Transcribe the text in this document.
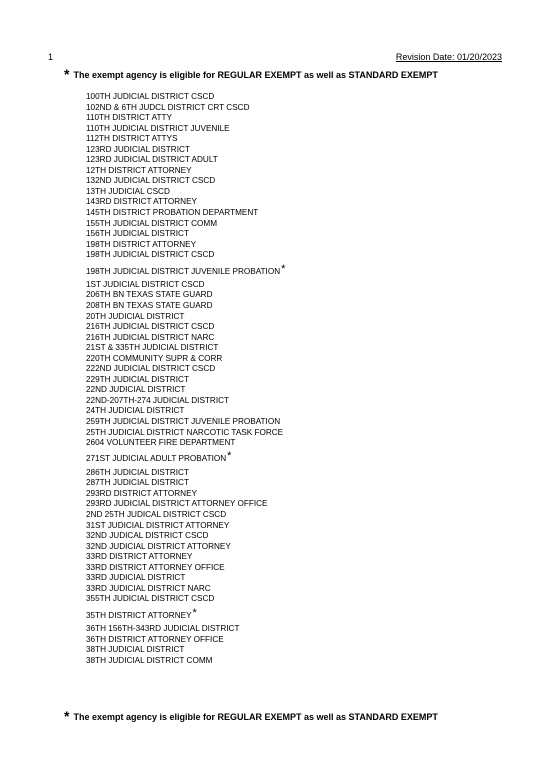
1	Revision Date: 01/20/2023
* The exempt agency is eligible for REGULAR EXEMPT as well as STANDARD EXEMPT
100TH JUDICIAL DISTRICT CSCD
102ND & 6TH JUDCL DISTRICT CRT CSCD
110TH DISTRICT ATTY
110TH JUDICIAL DISTRICT JUVENILE
112TH DISTRICT ATTYS
123RD JUDICIAL DISTRICT
123RD JUDICIAL DISTRICT ADULT
12TH DISTRICT ATTORNEY
132ND JUDICIAL DISTRICT CSCD
13TH JUDICIAL CSCD
143RD DISTRICT ATTORNEY
145TH DISTRICT PROBATION DEPARTMENT
155TH JUDICIAL DISTRICT COMM
156TH JUDICIAL DISTRICT
198TH DISTRICT ATTORNEY
198TH JUDICIAL DISTRICT CSCD
198TH JUDICIAL DISTRICT JUVENILE PROBATION*
1ST JUDICIAL DISTRICT CSCD
206TH BN TEXAS STATE GUARD
208TH BN TEXAS STATE GUARD
20TH JUDICIAL DISTRICT
216TH JUDICIAL DISTRICT CSCD
216TH JUDICIAL DISTRICT NARC
21ST & 335TH JUDICIAL DISTRICT
220TH COMMUNITY SUPR & CORR
222ND JUDICIAL DISTRICT CSCD
229TH JUDICIAL DISTRICT
22ND JUDICIAL DISTRICT
22ND-207TH-274 JUDICIAL DISTRICT
24TH JUDICIAL DISTRICT
259TH JUDICIAL DISTRICT JUVENILE PROBATION
25TH JUDICIAL DISTRICT NARCOTIC TASK FORCE
2604 VOLUNTEER FIRE DEPARTMENT
271ST JUDICIAL ADULT PROBATION*
286TH JUDICIAL DISTRICT
287TH JUDICIAL DISTRICT
293RD DISTRICT ATTORNEY
293RD JUDICIAL DISTRICT ATTORNEY OFFICE
2ND 25TH JUDICAL DISTRICT CSCD
31ST JUDICIAL DISTRICT ATTORNEY
32ND JUDICAL DISTRICT CSCD
32ND JUDICIAL DISTRICT ATTORNEY
33RD DISTRICT ATTORNEY
33RD DISTRICT ATTORNEY OFFICE
33RD JUDICIAL DISTRICT
33RD JUDICIAL DISTRICT NARC
355TH JUDICIAL DISTRICT CSCD
35TH DISTRICT ATTORNEY*
36TH 156TH-343RD JUDICIAL DISTRICT
36TH DISTRICT ATTORNEY OFFICE
38TH JUDICIAL DISTRICT
38TH JUDICIAL DISTRICT COMM
* The exempt agency is eligible for REGULAR EXEMPT as well as STANDARD EXEMPT
